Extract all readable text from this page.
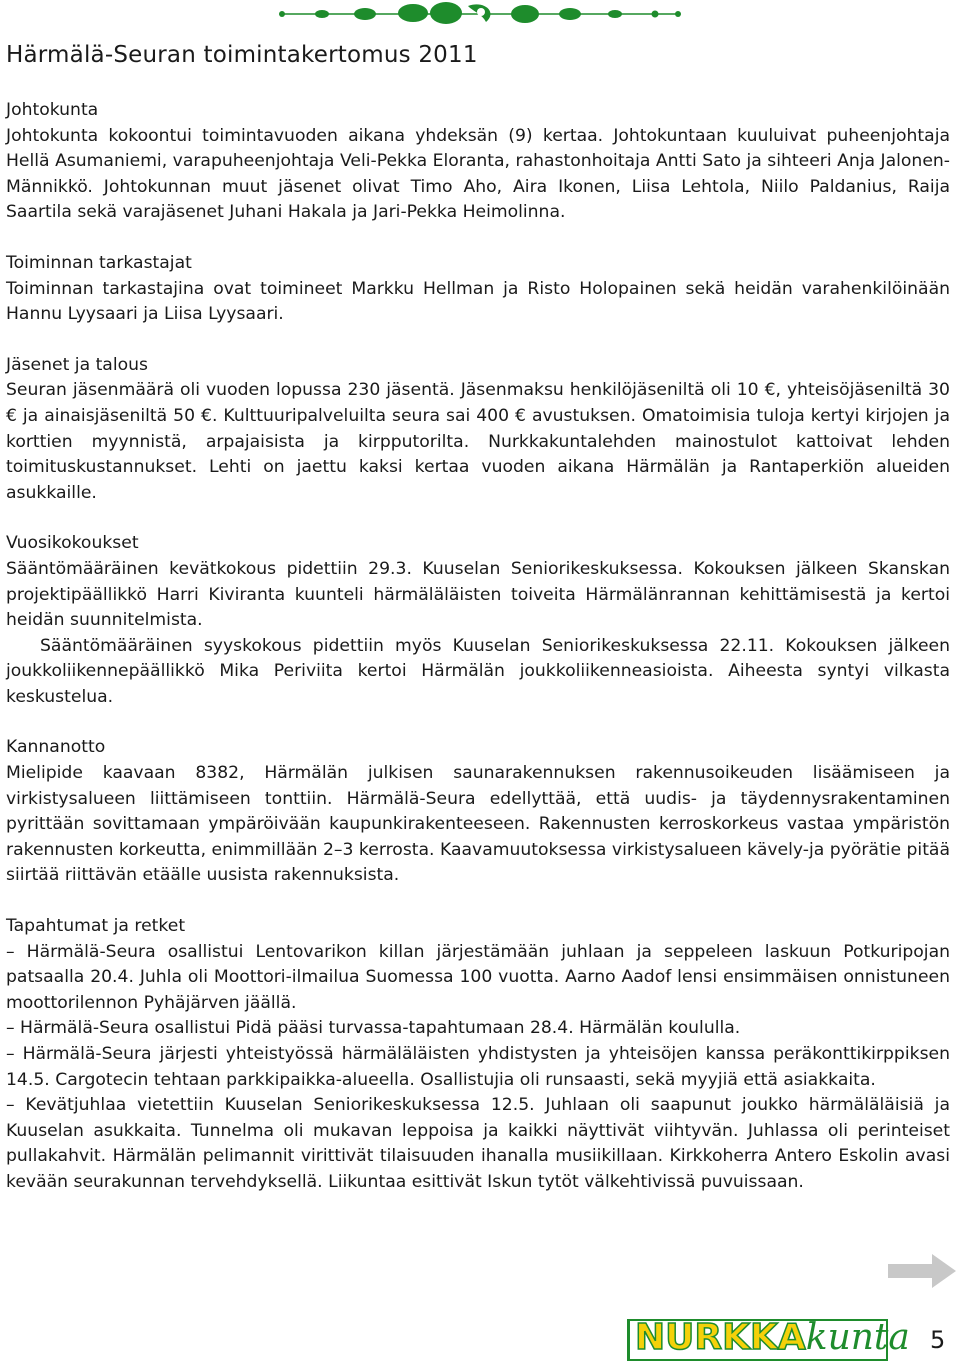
Härmälä-Seuran toimintakertomus 2011
Johtokunta

Johtokunta kokoontui toimintavuoden aikana yhdeksän (9) kertaa. Johtokuntaan kuuluivat puheenjohtaja Hellä Asumaniemi, varapuheenjohtaja Veli-Pekka Eloranta, rahastonhoitaja Antti Sato ja sihteeri Anja Jalonen-Männikkö. Johtokunnan muut jäsenet olivat Timo Aho, Aira Ikonen, Liisa Lehtola, Niilo Paldanius, Raija Saartila sekä varajäsenet Juhani Hakala ja Jari-Pekka Heimolinna.

Toiminnan tarkastajat

Toiminnan tarkastajina ovat toimineet Markku Hellman ja Risto Holopainen sekä heidän varahenkilöinään Hannu Lyysaari ja Liisa Lyysaari.

Jäsenet ja talous

Seuran jäsenmäärä oli vuoden lopussa 230 jäsentä. Jäsenmaksu henkilöjäseniltä oli 10 €, yhteisöjäseniltä 30 € ja ainaisjäseniltä 50 €. Kulttuuripalveluilta seura sai 400 € avustuksen. Omatoimisia tuloja kertyi kirjojen ja korttien myynnistä, arpajaisista ja kirpputorilta. Nurkkakuntalehden mainostulot kattoivat lehden toimituskustannukset. Lehti on jaettu kaksi kertaa vuoden aikana Härmälän ja Rantaperkiön alueiden asukkaille.

Vuosikokoukset

Sääntömääräinen kevätkokous pidettiin 29.3. Kuuselan Seniorikeskuksessa. Kokouksen jälkeen Skanskan projektipäällikkö Harri Kiviranta kuunteli härmäläläisten toiveita Härmälänrannan kehittämisestä ja kertoi heidän suunnitelmista.

Sääntömääräinen syyskokous pidettiin myös Kuuselan Seniorikeskuksessa 22.11. Kokouksen jälkeen joukkoliikennepäällikkö Mika Periviita kertoi Härmälän joukkoliikenneasioista. Aiheesta syntyi vilkasta keskustelua.

Kannanotto

Mielipide kaavaan 8382, Härmälän julkisen saunarakennuksen rakennusoikeuden lisäämiseen ja virkistysalueen liittämiseen tonttiin. Härmälä-Seura edellyttää, että uudis- ja täydennysrakentaminen pyrittään sovittamaan ympäröivään kaupunkirakenteeseen. Rakennusten kerroskorkeus vastaa ympäristön rakennusten korkeutta, enimmillään 2–3 kerrosta. Kaavamuutoksessa virkistysalueen kävely-ja pyörätie pitää siirtää riittävän etäälle uusista rakennuksista.

Tapahtumat ja retket

– Härmälä-Seura osallistui Lentovarikon killan järjestämään juhlaan ja seppeleen laskuun Potkuripojan patsaalla 20.4. Juhla oli Moottori-ilmailua Suomessa 100 vuotta. Aarno Aadof lensi ensimmäisen onnistuneen moottorilennon Pyhäjärven jäällä.

– Härmälä-Seura osallistui Pidä pääsi turvassa-tapahtumaan 28.4. Härmälän koululla.

– Härmälä-Seura järjesti yhteistyössä härmäläläisten yhdistysten ja yhteisöjen kanssa peräkonttikirppiksen 14.5. Cargotecin tehtaan parkkipaikka-alueella. Osallistujia oli runsaasti, sekä myyjiä että asiakkaita.

– Kevätjuhlaa vietettiin Kuuselan Seniorikeskuksessa 12.5. Juhlaan oli saapunut joukko härmäläläisiä ja Kuuselan asukkaita. Tunnelma oli mukavan leppoisa ja kaikki näyttivät viihtyvän. Juhlassa oli perinteiset pullakahvit. Härmälän pelimannit virittivät tilaisuuden ihanalla musiikillaan. Kirkkoherra Antero Eskolin avasi kevään seurakunnan tervehdyksellä. Liikuntaa esittivät Iskun tytöt välkehtivissä puvuissaan.

NURKKAkunta 5
